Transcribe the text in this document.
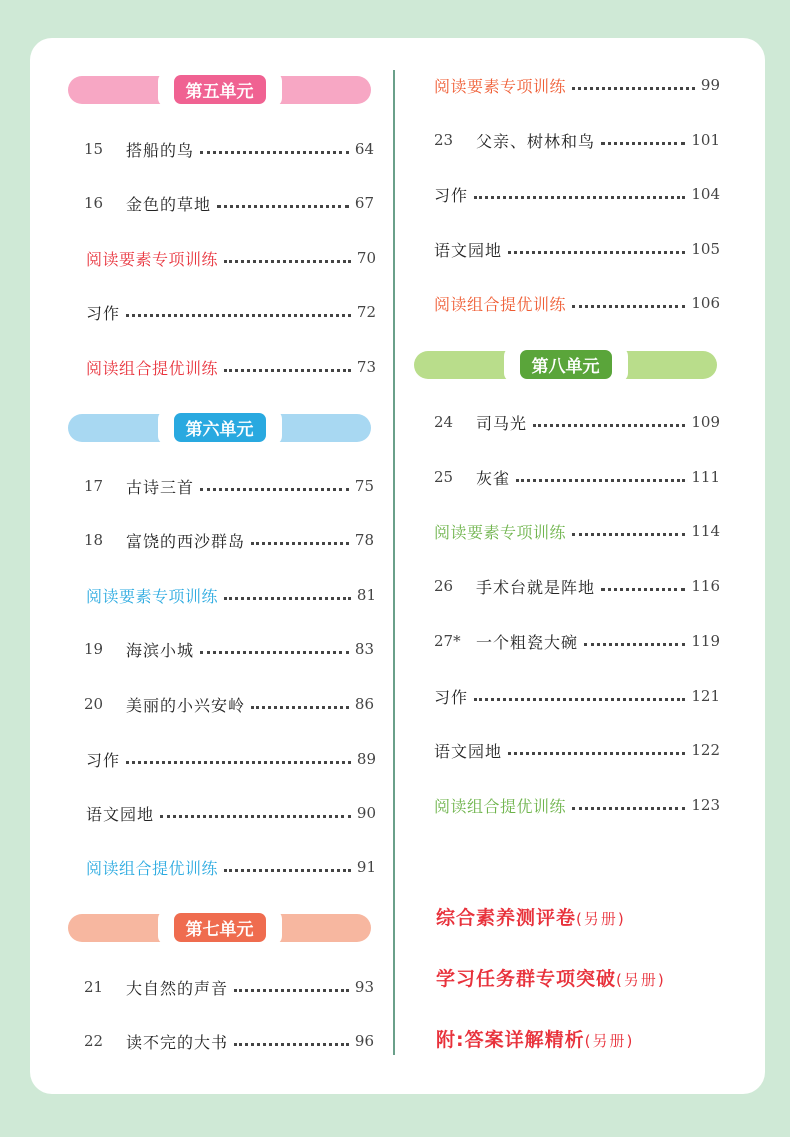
第五单元
15	搭船的鸟	64
16	金色的草地	67
阅读要素专项训练	70
习作	72
阅读组合提优训练	73
第六单元
17	古诗三首	75
18	富饶的西沙群岛	78
阅读要素专项训练	81
19	海滨小城	83
20	美丽的小兴安岭	86
习作	89
语文园地	90
阅读组合提优训练	91
第七单元
21	大自然的声音	93
22	读不完的大书	96
阅读要素专项训练	99
23	父亲、树林和鸟	101
习作	104
语文园地	105
阅读组合提优训练	106
第八单元
24	司马光	109
25	灰雀	111
阅读要素专项训练	114
26	手术台就是阵地	116
27* 一个粗瓷大碗	119
习作	121
语文园地	122
阅读组合提优训练	123
综合素养测评卷(另册)
学习任务群专项突破(另册)
附:答案详解精析(另册)
